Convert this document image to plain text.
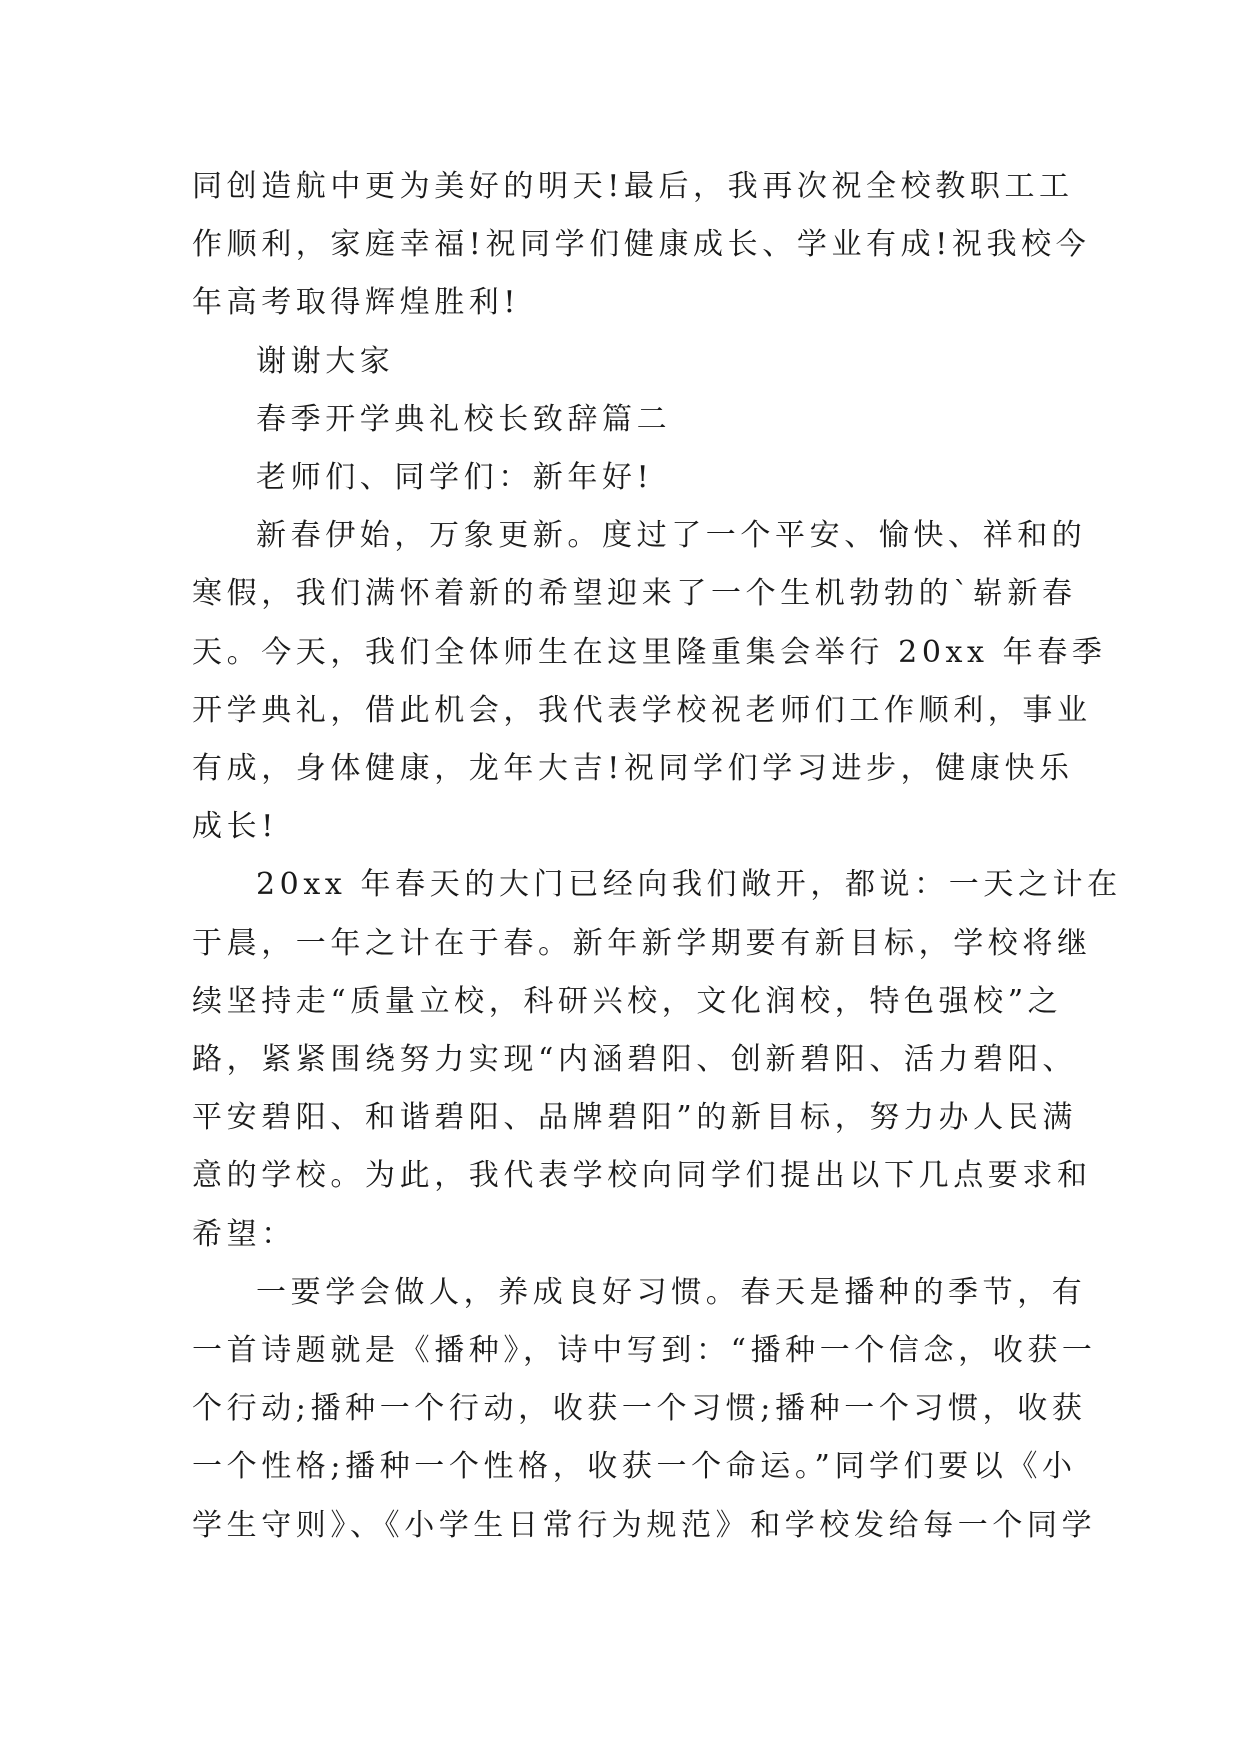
同创造航中更为美好的明天!最后，我再次祝全校教职工工
作顺利，家庭幸福!祝同学们健康成长、学业有成!祝我校今
年高考取得辉煌胜利!
谢谢大家
春季开学典礼校长致辞篇二
老师们、同学们：新年好!
新春伊始，万象更新。度过了一个平安、愉快、祥和的
寒假，我们满怀着新的希望迎来了一个生机勃勃的`崭新春
天。今天，我们全体师生在这里隆重集会举行 20xx 年春季
开学典礼，借此机会，我代表学校祝老师们工作顺利，事业
有成，身体健康，龙年大吉!祝同学们学习进步，健康快乐
成长!
20xx 年春天的大门已经向我们敞开，都说：一天之计在
于晨，一年之计在于春。新年新学期要有新目标，学校将继
续坚持走“质量立校，科研兴校，文化润校，特色强校”之
路，紧紧围绕努力实现“内涵碧阳、创新碧阳、活力碧阳、
平安碧阳、和谐碧阳、品牌碧阳”的新目标，努力办人民满
意的学校。为此，我代表学校向同学们提出以下几点要求和
希望：
一要学会做人，养成良好习惯。春天是播种的季节，有
一首诗题就是《播种》，诗中写到：“播种一个信念，收获一
个行动;播种一个行动，收获一个习惯;播种一个习惯，收获
一个性格;播种一个性格，收获一个命运。”同学们要以《小
学生守则》、《小学生日常行为规范》和学校发给每一个同学
